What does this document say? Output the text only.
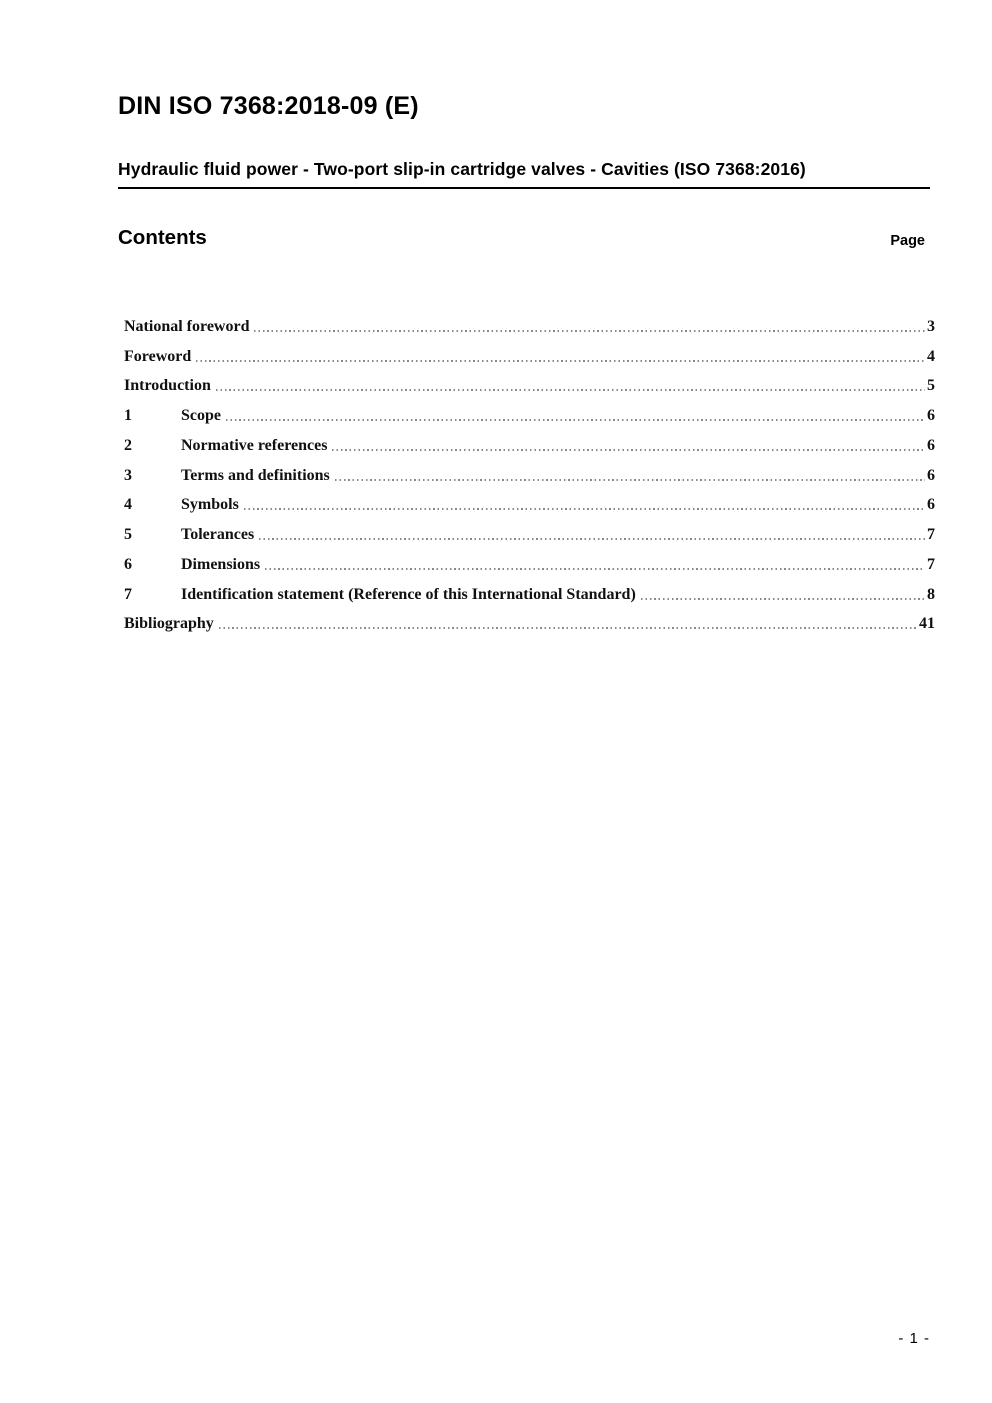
DIN ISO 7368:2018-09 (E)
Hydraulic fluid power - Two-port slip-in cartridge valves - Cavities (ISO 7368:2016)
Contents	Page
National foreword	3
Foreword	4
Introduction	5
1	Scope	6
2	Normative references	6
3	Terms and definitions	6
4	Symbols	6
5	Tolerances	7
6	Dimensions	7
7	Identification statement (Reference of this International Standard)	8
Bibliography	41
- 1 -
